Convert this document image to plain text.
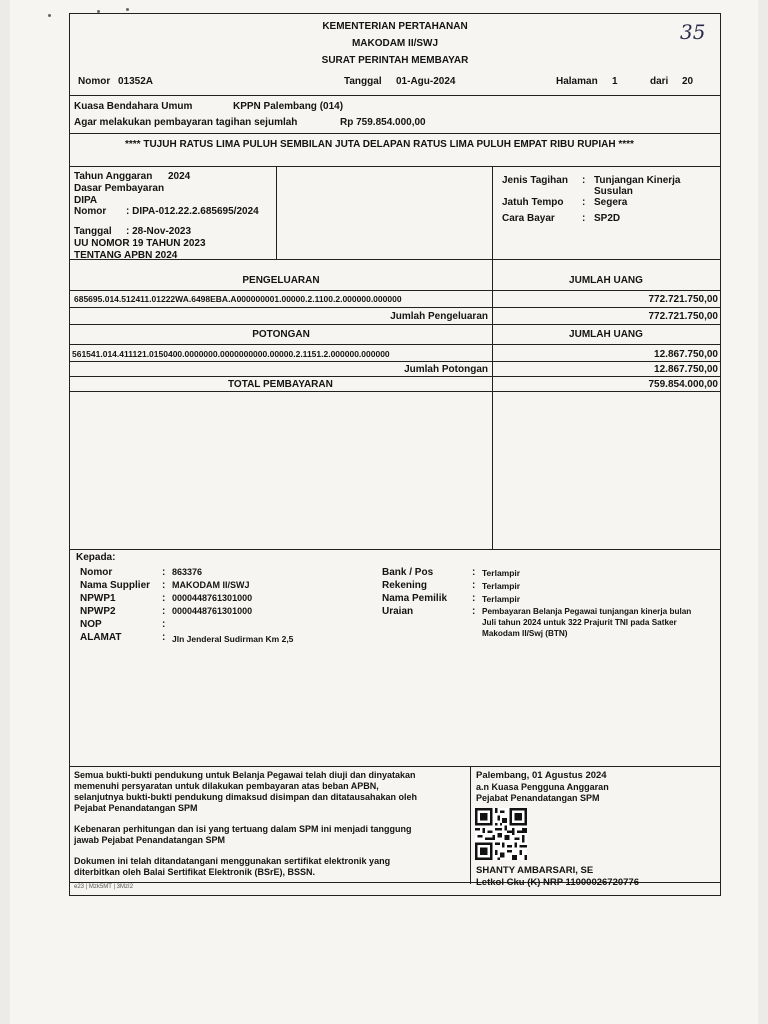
35
KEMENTERIAN PERTAHANAN
MAKODAM II/SWJ
SURAT PERINTAH MEMBAYAR
Nomor 01352A	Tanggal 01-Agu-2024	Halaman 1	dari 20
Kuasa Bendahara Umum	KPPN Palembang (014)
Agar melakukan pembayaran tagihan sejumlah	Rp 759.854.000,00
**** TUJUH RATUS LIMA PULUH SEMBILAN JUTA DELAPAN RATUS LIMA PULUH EMPAT RIBU RUPIAH ****
Tahun Anggaran 2024
Dasar Pembayaran
DIPA
Nomor : DIPA-012.22.2.685695/2024
Tanggal : 28-Nov-2023
UU NOMOR 19 TAHUN 2023
TENTANG APBN 2024
Jenis Tagihan : Tunjangan Kinerja
Susulan
Jatuh Tempo : Segera
Cara Bayar	: SP2D
PENGELUARAN	JUMLAH UANG
685695.014.512411.01222WA.6498EBA.A000000001.00000.2.1100.2.000000.000000	772.721.750,00
Jumlah Pengeluaran	772.721.750,00
POTONGAN	JUMLAH UANG
561541.014.411121.0150400.0000000.0000000000.00000.2.1151.2.000000.000000	12.867.750,00
Jumlah Potongan	12.867.750,00
TOTAL PEMBAYARAN	759.854.000,00
Kepada:
Nomor	: 863376
Nama Supplier : MAKODAM II/SWJ
NPWP1	: 0000448761301000
NPWP2	: 0000448761301000
NOP	:
ALAMAT	: Jln Jenderal Sudirman Km 2,5
Bank / Pos	: Terlampir
Rekening	: Terlampir
Nama Pemilik : Terlampir
Uraian	: Pembayaran Belanja Pegawai tunjangan kinerja bulan
Juli tahun 2024 untuk 322 Prajurit TNI pada Satker
Makodam II/Swj (BTN)
Semua bukti-bukti pendukung untuk Belanja Pegawai telah diuji dan dinyatakan
memenuhi persyaratan untuk dilakukan pembayaran atas beban APBN,
selanjutnya bukti-bukti pendukung dimaksud disimpan dan ditatausahakan oleh
Pejabat Penandatangan SPM
Kebenaran perhitungan dan isi yang tertuang dalam SPM ini menjadi tanggung
jawab Pejabat Penandatangan SPM
Dokumen ini telah ditandatangani menggunakan sertifikat elektronik yang
diterbitkan oleh Balai Sertifikat Elektronik (BSrE), BSSN.
e23 | Mzk5MT | 3MzI2
Palembang, 01 Agustus 2024
a.n Kuasa Pengguna Anggaran
Pejabat Penandatangan SPM
SHANTY AMBARSARI, SE
Letkol Cku (K) NRP 11000026720776
